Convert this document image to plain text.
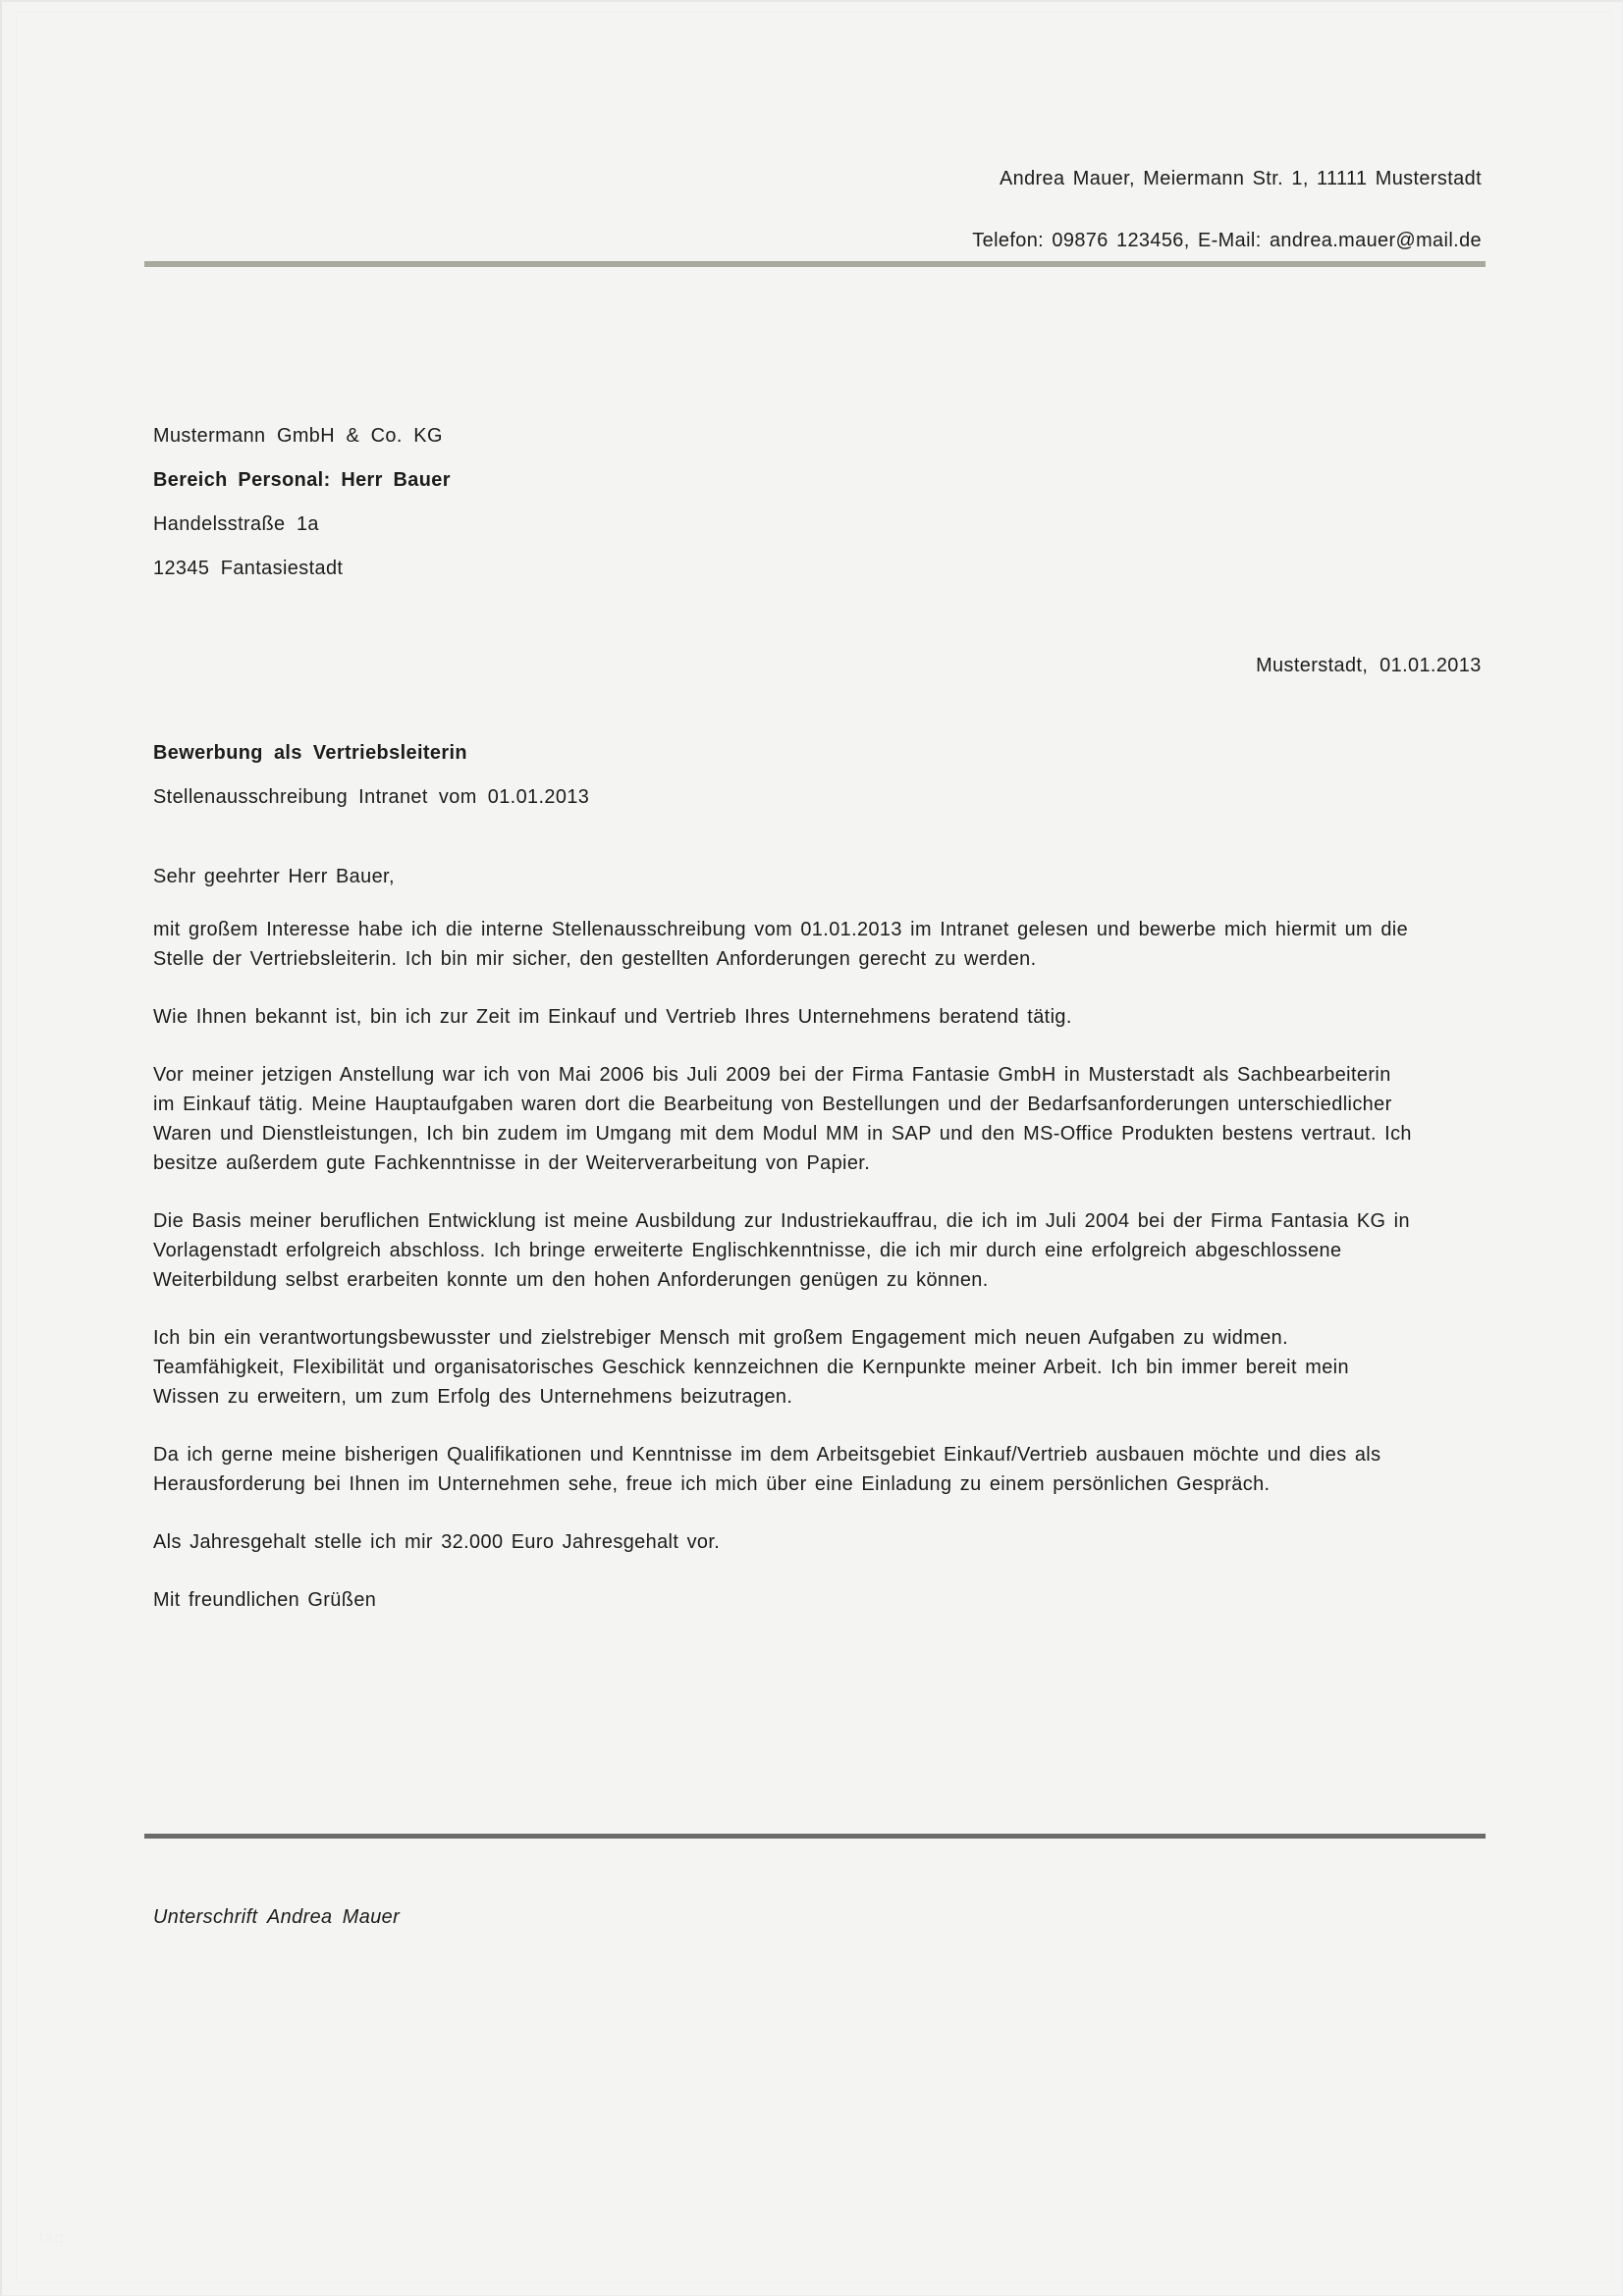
Andrea Mauer, Meiermann Str. 1, 11111 Musterstadt
Telefon: 09876 123456, E-Mail: andrea.mauer@mail.de
Mustermann GmbH & Co. KG
Bereich Personal: Herr Bauer
Handelsstraße 1a
12345 Fantasiestadt
Musterstadt, 01.01.2013
Bewerbung als Vertriebsleiterin
Stellenausschreibung Intranet vom 01.01.2013
Sehr geehrter Herr Bauer,

mit großem Interesse habe ich die interne Stellenausschreibung vom 01.01.2013 im Intranet gelesen und bewerbe mich hiermit um die Stelle der Vertriebsleiterin. Ich bin mir sicher, den gestellten Anforderungen gerecht zu werden.

Wie Ihnen bekannt ist, bin ich zur Zeit im Einkauf und Vertrieb Ihres Unternehmens beratend tätig.

Vor meiner jetzigen Anstellung war ich von Mai 2006 bis Juli 2009 bei der Firma Fantasie GmbH in Musterstadt als Sachbearbeiterin im Einkauf tätig. Meine Hauptaufgaben waren dort die Bearbeitung von Bestellungen und der Bedarfsanforderungen unterschiedlicher Waren und Dienstleistungen, Ich bin zudem im Umgang mit dem Modul MM in SAP und den MS-Office Produkten bestens vertraut. Ich besitze außerdem gute Fachkenntnisse in der Weiterverarbeitung von Papier.

Die Basis meiner beruflichen Entwicklung ist meine Ausbildung zur Industriekauffrau, die ich im Juli 2004 bei der Firma Fantasia KG in Vorlagenstadt erfolgreich abschloss. Ich bringe erweiterte Englischkenntnisse, die ich mir durch eine erfolgreich abgeschlossene Weiterbildung selbst erarbeiten konnte um den hohen Anforderungen genügen zu können.

Ich bin ein verantwortungsbewusster und zielstrebiger Mensch mit großem Engagement mich neuen Aufgaben zu widmen. Teamfähigkeit, Flexibilität und organisatorisches Geschick kennzeichnen die Kernpunkte meiner Arbeit. Ich bin immer bereit mein Wissen zu erweitern, um zum Erfolg des Unternehmens beizutragen.

Da ich gerne meine bisherigen Qualifikationen und Kenntnisse im dem Arbeitsgebiet Einkauf/Vertrieb ausbauen möchte und dies als Herausforderung bei Ihnen im Unternehmen sehe, freue ich mich über eine Einladung zu einem persönlichen Gespräch.

Als Jahresgehalt stelle ich mir 32.000 Euro Jahresgehalt vor.

Mit freundlichen Grüßen

Unterschrift Andrea Mauer
tag
